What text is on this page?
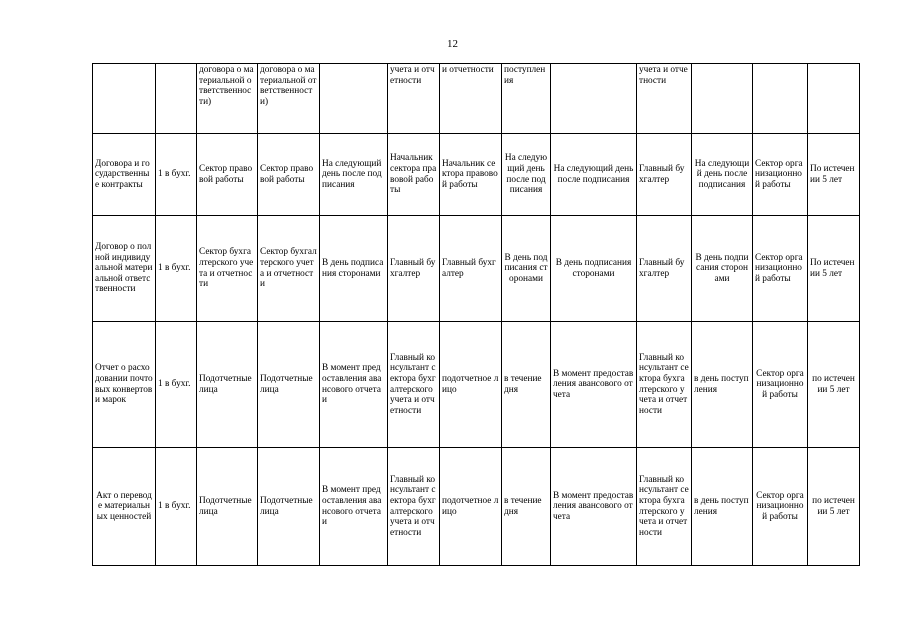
12
		договора о материальной ответственности)	договора о материальной ответственности)		учета и отчетности	и отчетности	поступления		учета и отчетности			
Договора и государственные контракты	1 в бухг.	Сектор правовой работы	Сектор правовой работы	На следующий день после подписания	Начальник сектора правовой работы	Начальник сектора правовой работы	На следующий день после подписания	На следующий день после подписания	Главный бухгалтер	На следующий день после подписания	Сектор организационной работы	По истечении 5 лет
Договор о полной индивидуальной материальной ответственности	1 в бухг.	Сектор бухгалтерского учета и отчетности	Сектор бухгалтерского учета и отчетности	В день подписания сторонами	Главный бухгалтер	Главный бухгалтер	В день подписания сторонами	В день подписания сторонами	Главный бухгалтер	В день подписания сторонами	Сектор организационной работы	По истечении 5 лет
Отчет о расходовании почтовых конвертов и марок	1 в бухг.	Подотчетные лица	Подотчетные лица	В момент предоставления авансового отчета и	Главный консультант сектора бухгалтерского учета и отчетности	подотчетное лицо	в течение дня	В момент предоставления авансового отчета	Главный консультант сектора бухгалтерского учета и отчетности	в день поступления	Сектор организационной работы	по истечении 5 лет
Акт о переводе материальных ценностей	1 в бухг.	Подотчетные лица	Подотчетные лица	В момент предоставления авансового отчета и	Главный консультант сектора бухгалтерского учета и отчетности	подотчетное лицо	в течение дня	В момент предоставления авансового отчета	Главный консультант сектора бухгалтерского учета и отчетности	в день поступления	Сектор организационной работы	по истечении 5 лет
